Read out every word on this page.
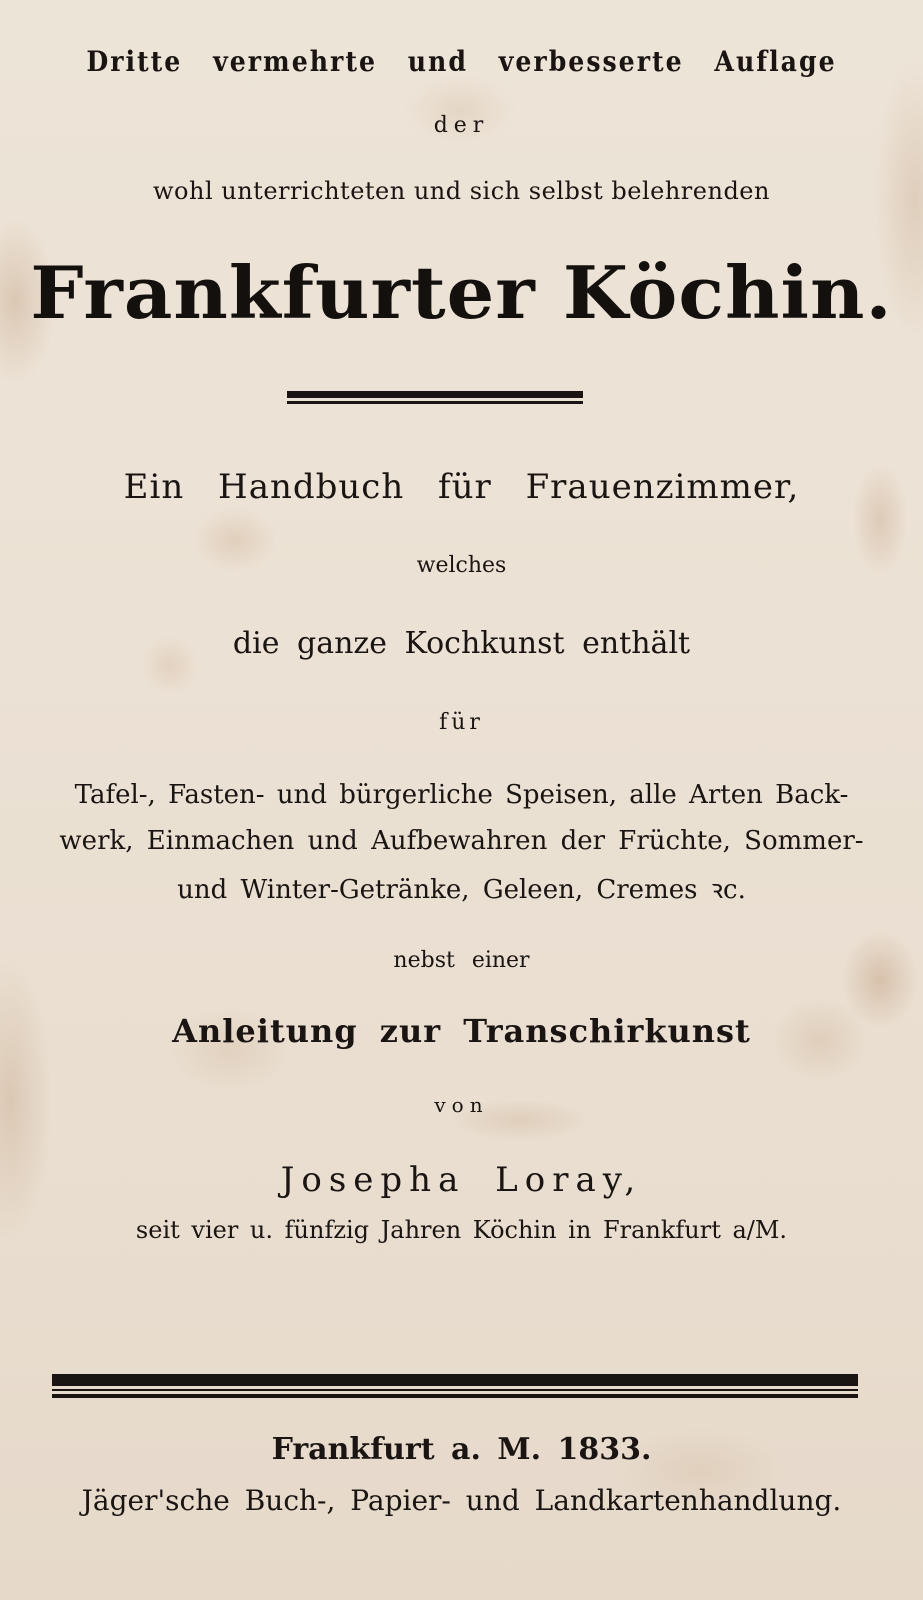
Dritte vermehrte und verbesserte Auflage
der
wohl unterrichteten und sich selbst belehrenden
Frankfurter Köchin.
Ein Handbuch für Frauenzimmer,
welches
die ganze Kochkunst enthält
für
Tafel-, Fasten- und bürgerliche Speisen, alle Arten Back-
werk, Einmachen und Aufbewahren der Früchte, Sommer-
und Winter-Getränke, Geleen, Cremes ꝛc.
nebst einer
Anleitung zur Transchirkunst
von
Josepha Loray,
seit vier u. fünfzig Jahren Köchin in Frankfurt a/M.
Frankfurt a. M. 1833.
Jäger'sche Buch-, Papier- und Landkartenhandlung.
